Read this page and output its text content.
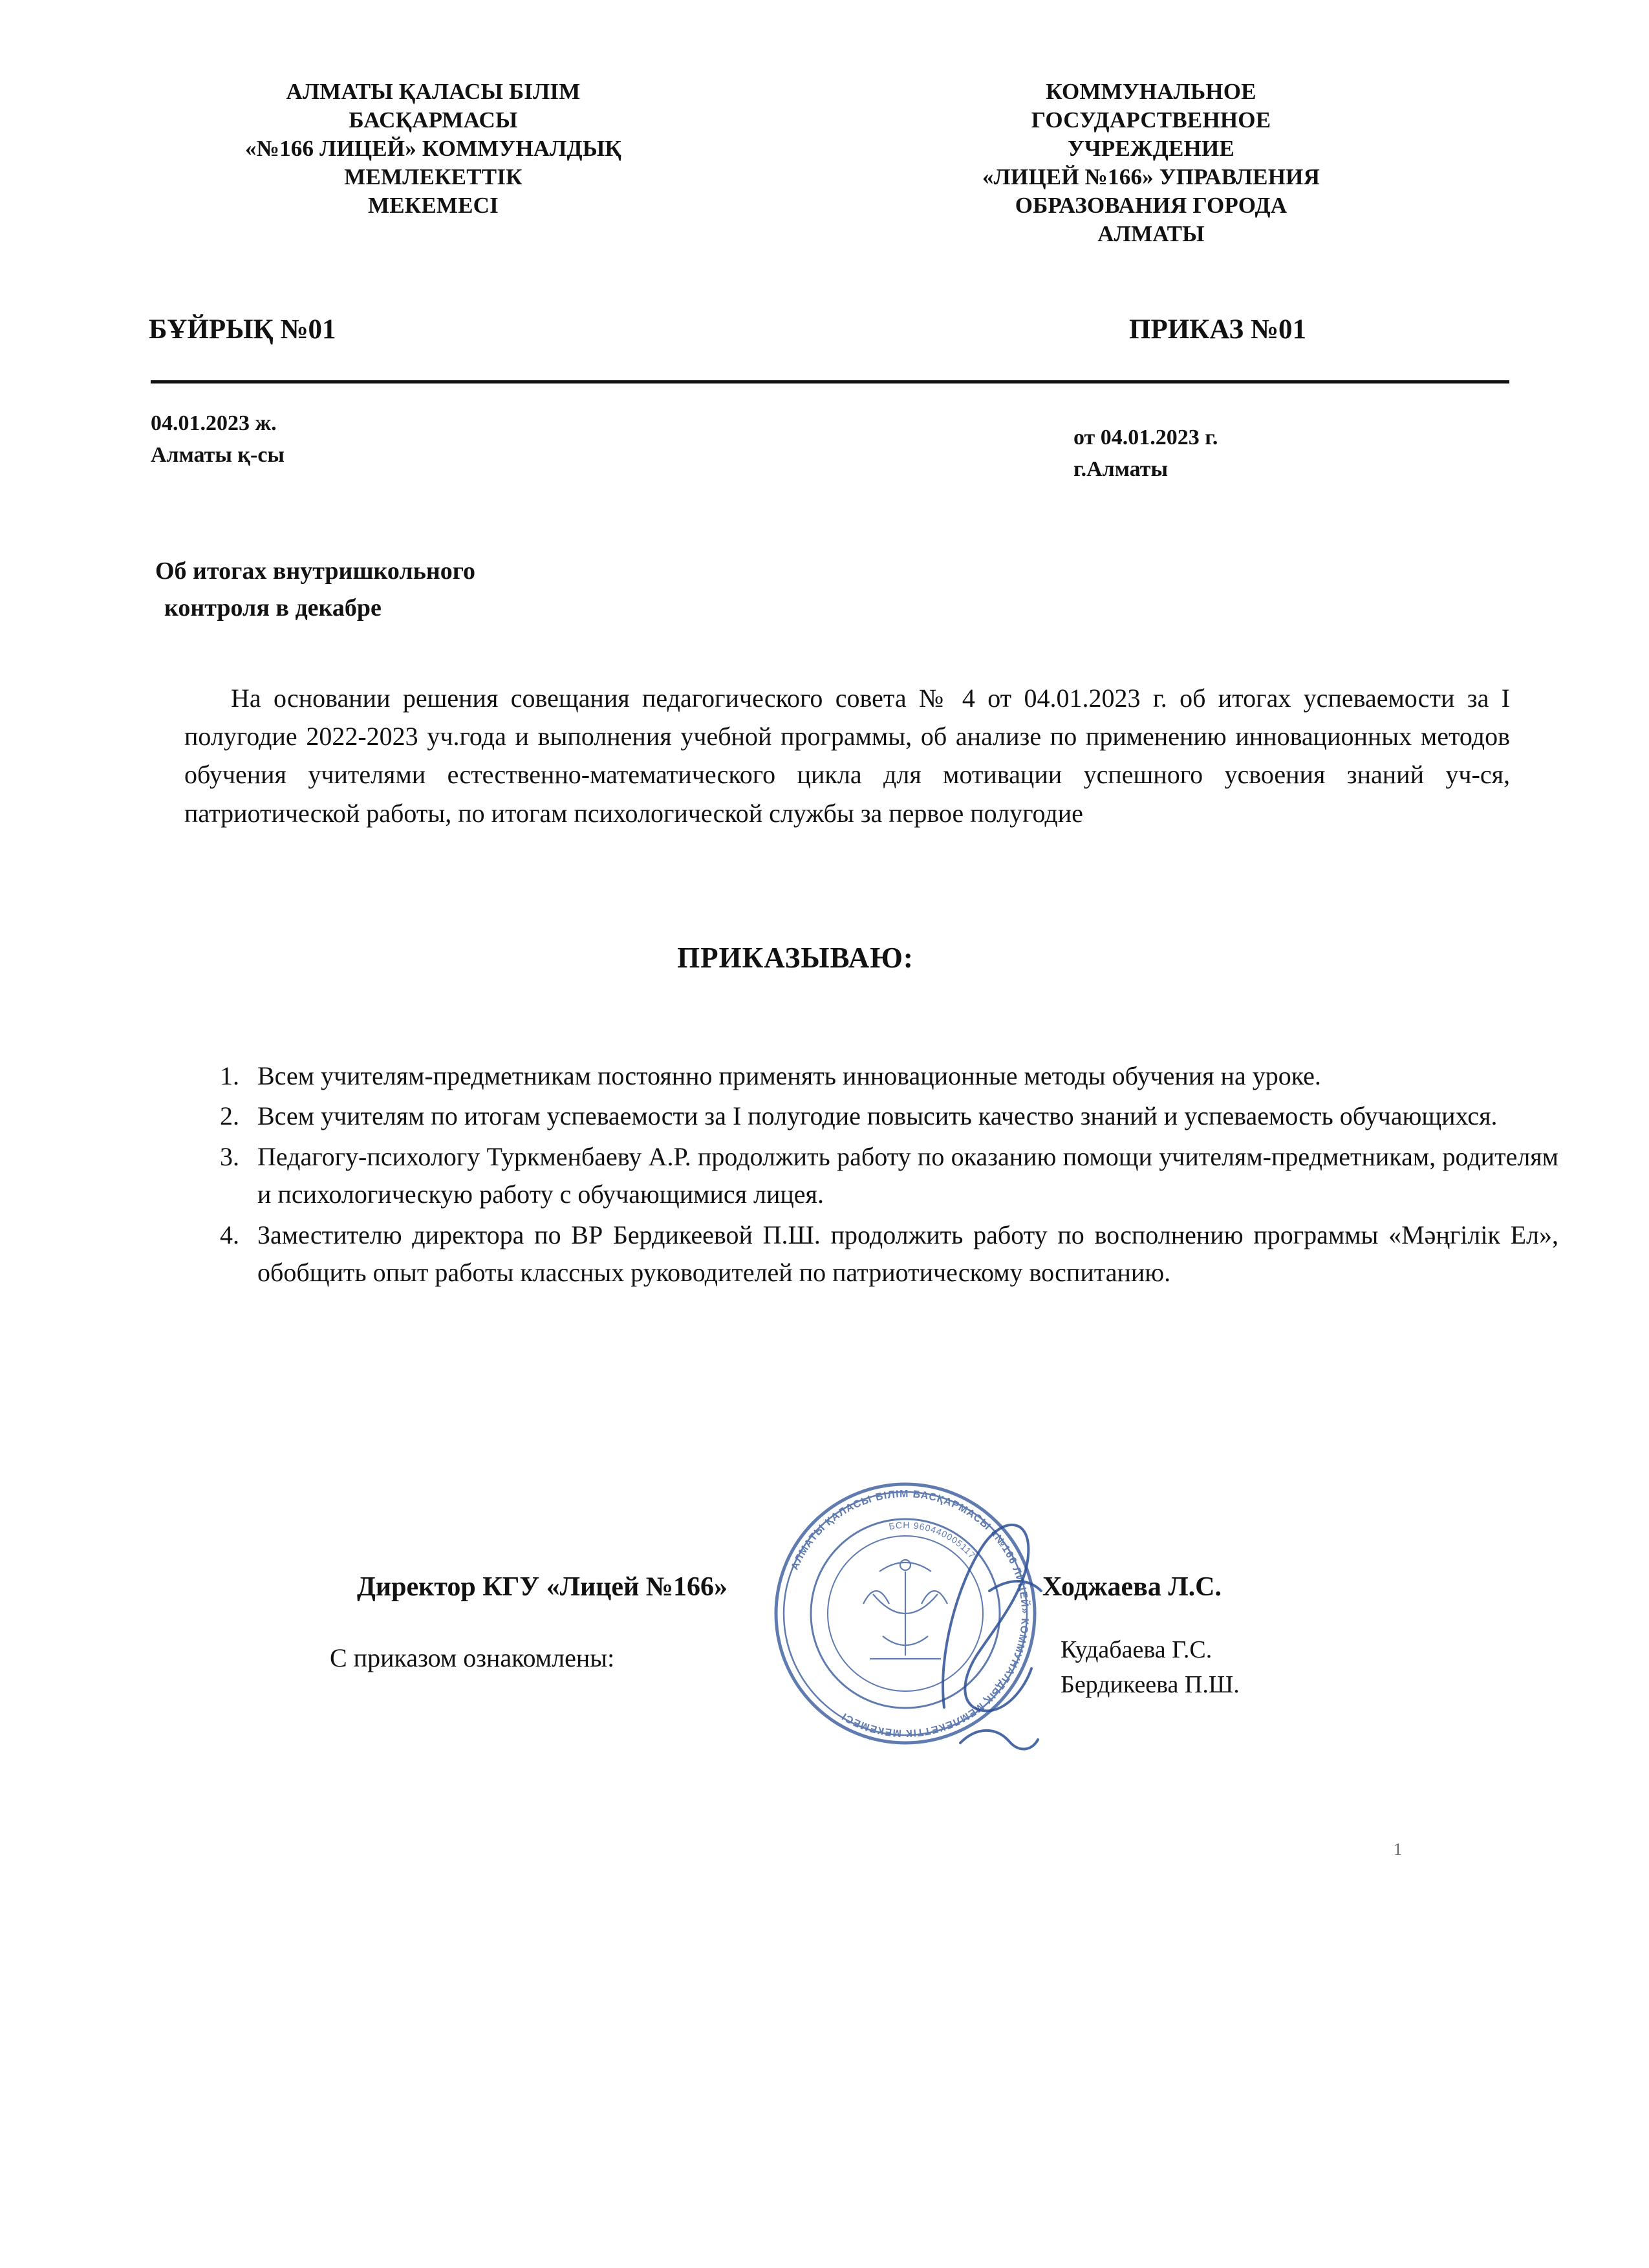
АЛМАТЫ ҚАЛАСЫ БІЛІМ
БАСҚАРМАСЫ
«№166 ЛИЦЕЙ» КОММУНАЛДЫҚ
МЕМЛЕКЕТТІК
МЕКЕМЕСІ
КОММУНАЛЬНОЕ
ГОСУДАРСТВЕННОЕ
УЧРЕЖДЕНИЕ
«ЛИЦЕЙ №166» УПРАВЛЕНИЯ
ОБРАЗОВАНИЯ ГОРОДА
АЛМАТЫ
БҰЙРЫҚ №01	ПРИКАЗ №01
04.01.2023 ж.
Алматы қ-сы
от 04.01.2023 г.
г.Алматы
Об итогах внутришкольного
контроля в декабре
На основании решения совещания педагогического совета № 4 от 04.01.2023 г. об итогах успеваемости за I полугодие 2022-2023 уч.года и выполнения учебной программы, об анализе по применению инновационных методов обучения учителями естественно-математического цикла для мотивации успешного усвоения знаний уч-ся, патриотической работы, по итогам психологической службы за первое полугодие
ПРИКАЗЫВАЮ:
1. Всем учителям-предметникам постоянно применять инновационные методы обучения на уроке.
2. Всем учителям по итогам успеваемости за I полугодие повысить качество знаний и успеваемость обучающихся.
3. Педагогу-психологу Туркменбаеву А.Р. продолжить работу по оказанию помощи учителям-предметникам, родителям и психологическую работу с обучающимися лицея.
4. Заместителю директора по ВР Бердикеевой П.Ш. продолжить работу по восполнению программы «Мәңгілік Ел», обобщить опыт работы классных руководителей по патриотическому воспитанию.
Директор КГУ «Лицей №166»	Ходжаева Л.С.
С приказом ознакомлены:	Кудабаева Г.С.
Бердикеева П.Ш.
АЛМАТЫ ҚАЛАСЫ БІЛІМ БАСҚАРМАСЫ «№166 ЛИЦЕЙ» КОММУНАЛДЫҚ МЕМЛЕКЕТТІК МЕКЕМЕСІ
БСН 960440005117
1
